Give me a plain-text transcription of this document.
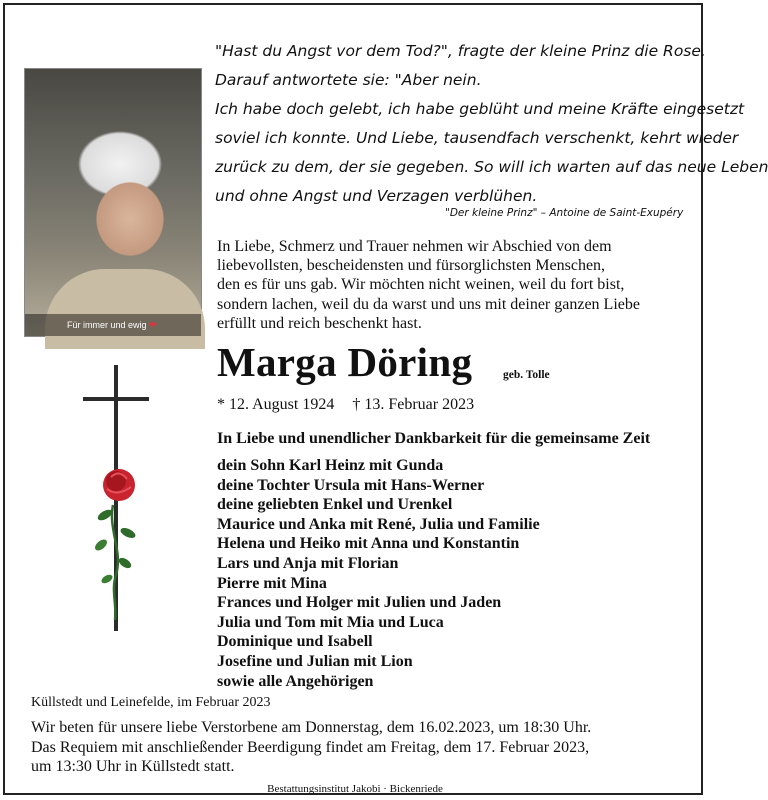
Für immer und ewig ❤

"Hast du Angst vor dem Tod?", fragte der kleine Prinz die Rose.

Darauf antwortete sie: "Aber nein.

Ich habe doch gelebt, ich habe geblüht und meine Kräfte eingesetzt

soviel ich konnte. Und Liebe, tausendfach verschenkt, kehrt wieder

zurück zu dem, der sie gegeben. So will ich warten auf das neue Leben

und ohne Angst und Verzagen verblühen.

"Der kleine Prinz" – Antoine de Saint-Exupéry

In Liebe, Schmerz und Trauer nehmen wir Abschied von dem

liebevollsten, bescheidensten und fürsorglichsten Menschen,

den es für uns gab. Wir möchten nicht weinen, weil du fort bist,

sondern lachen, weil du da warst und uns mit deiner ganzen Liebe

erfüllt und reich beschenkt hast.

Marga Döring	geb. Tolle
* 12. August 1924 † 13. Februar 2023
In Liebe und unendlicher Dankbarkeit für die gemeinsame Zeit
dein Sohn Karl Heinz mit Gunda
deine Tochter Ursula mit Hans-Werner
deine geliebten Enkel und Urenkel
Maurice und Anka mit René, Julia und Familie
Helena und Heiko mit Anna und Konstantin
Lars und Anja mit Florian
Pierre mit Mina
Frances und Holger mit Julien und Jaden
Julia und Tom mit Mia und Luca
Dominique und Isabell
Josefine und Julian mit Lion
sowie alle Angehörigen
Küllstedt und Leinefelde, im Februar 2023

Wir beten für unsere liebe Verstorbene am Donnerstag, dem 16.02.2023, um 18:30 Uhr.

Das Requiem mit anschließender Beerdigung findet am Freitag, dem 17. Februar 2023,

um 13:30 Uhr in Küllstedt statt.

Bestattungsinstitut Jakobi · Bickenriede
